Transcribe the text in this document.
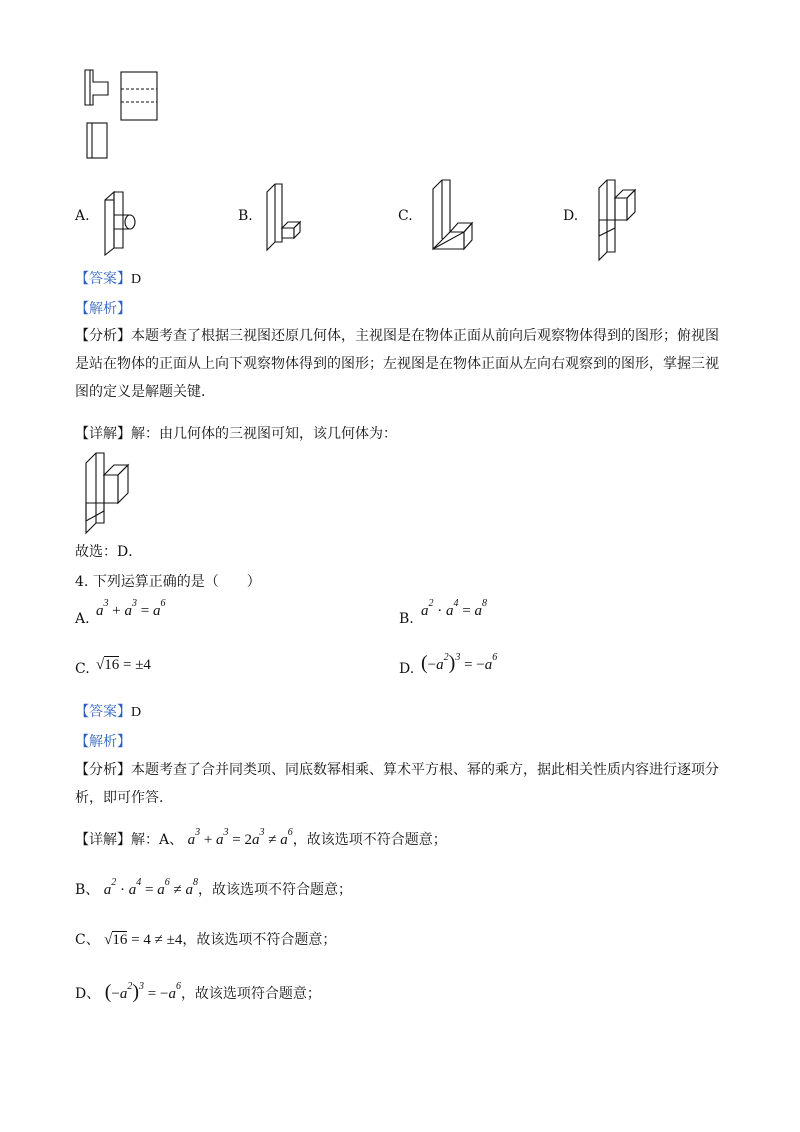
A.	B.	C.	D.
【答案】D
【解析】
【分析】本题考查了根据三视图还原几何体，主视图是在物体正面从前向后观察物体得到的图形；俯视图是站在物体的正面从上向下观察物体得到的图形；左视图是在物体正面从左向右观察到的图形，掌握三视图的定义是解题关键.
【详解】解：由几何体的三视图可知，该几何体为：
故选：D．
4. 下列运算正确的是（　　）
A. $a^3 + a^3 = a^6$
B. $a^2 \cdot a^4 = a^8$
C. √16 = ±4	D. $(-a^2)^3 = -a^6$
【答案】D
【解析】
【分析】本题考查了合并同类项、同底数幂相乘、算术平方根、幂的乘方，据此相关性质内容进行逐项分析，即可作答.
【详解】解：A、 $a^3 + a^3 = 2a^3 \ne a^6$，故该选项不符合题意；
B、 $a^2 \cdot a^4 = a^6 \ne a^8$，故该选项不符合题意；
C、 √16 = 4 ≠ ±4，故该选项不符合题意；
D、 $(-a^2)^3 = -a^6$，故该选项符合题意；
